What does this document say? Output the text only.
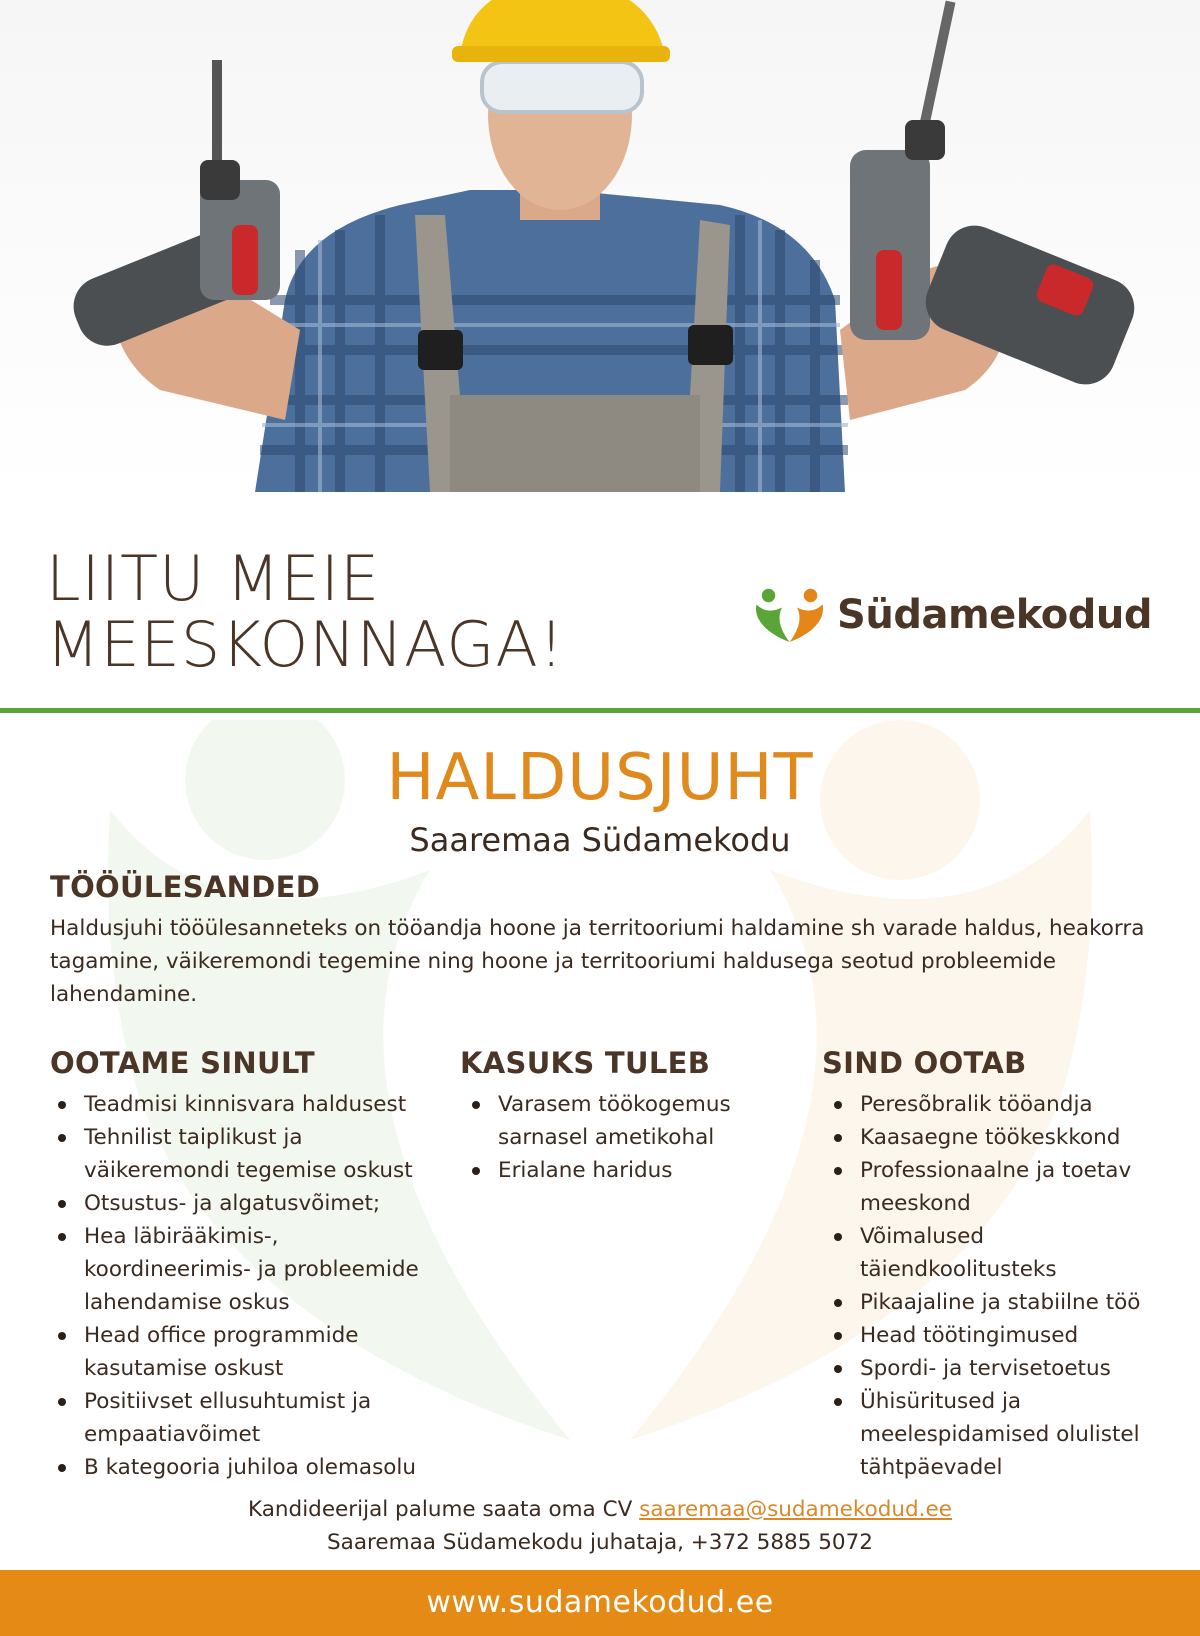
LIITU MEIE
MEESKONNAGA!	Südamekodud
HALDUSJUHT
Saaremaa Südamekodu
TÖÖÜLESANDED

Haldusjuhi tööülesanneteks on tööandja hoone ja territooriumi haldamine sh varade haldus, heakorra tagamine, väikeremondi tegemine ning hoone ja territooriumi haldusega seotud probleemide lahendamine.

OOTAME SINULT
Teadmisi kinnisvara haldusest
Tehnilist taiplikust ja väikeremondi tegemise oskust
Otsustus- ja algatusvõimet;
Hea läbirääkimis-, koordineerimis- ja probleemide lahendamise oskus
Head office programmide kasutamise oskust
Positiivset ellusuhtumist ja empaatiavõimet
B kategooria juhiloa olemasolu
KASUKS TULEB
Varasem töökogemus sarnasel ametikohal
Erialane haridus
SIND OOTAB
Peresõbralik tööandja
Kaasaegne töökeskkond
Professionaalne ja toetav meeskond
Võimalused täiendkoolitusteks
Pikaajaline ja stabiilne töö
Head töötingimused
Spordi- ja tervisetoetus
Ühisüritused ja meelespidamised olulistel tähtpäevadel
Kandideerijal palume saata oma CV saaremaa@sudamekodud.ee
Saaremaa Südamekodu juhataja, +372 5885 5072
www.sudamekodud.ee
